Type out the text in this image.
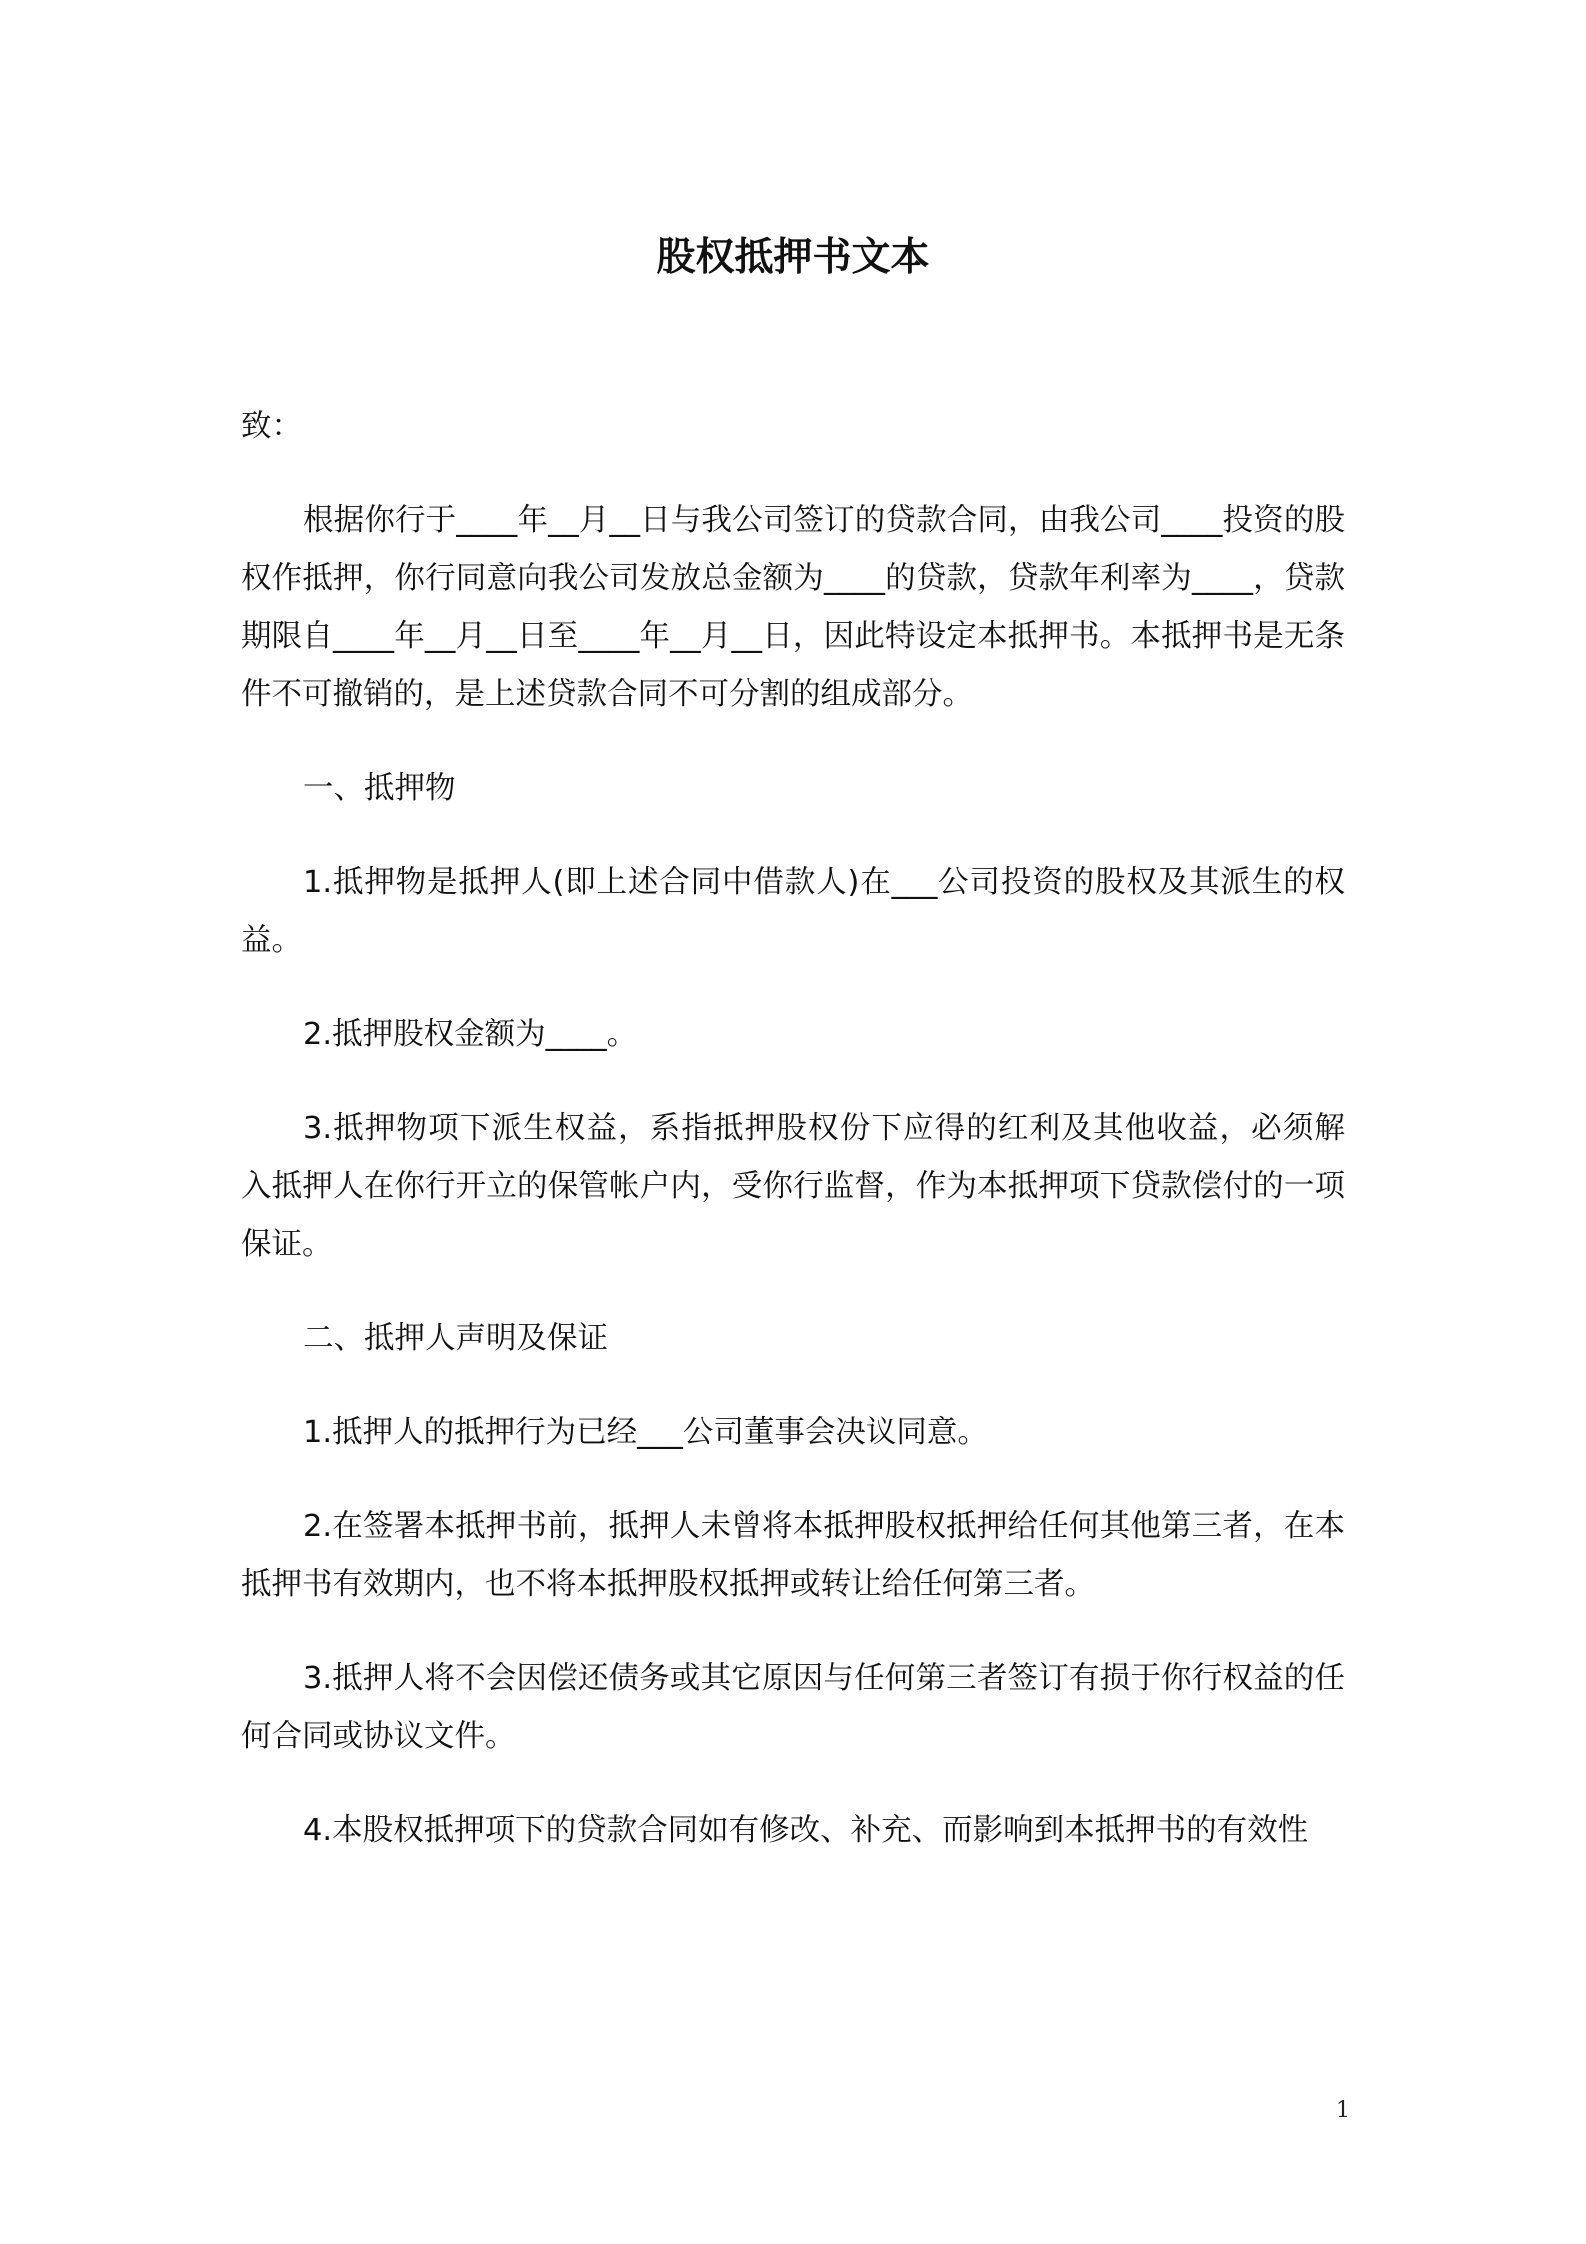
股权抵押书文本

致：

根据你行于____年__月__日与我公司签订的贷款合同，由我公司____投资的股权作抵押，你行同意向我公司发放总金额为____的贷款，贷款年利率为____，贷款期限自____年__月__日至____年__月__日，因此特设定本抵押书。本抵押书是无条件不可撤销的，是上述贷款合同不可分割的组成部分。

一、抵押物

1.抵押物是抵押人(即上述合同中借款人)在___公司投资的股权及其派生的权益。

2.抵押股权金额为____。

3.抵押物项下派生权益，系指抵押股权份下应得的红利及其他收益，必须解 入抵押人在你行开立的保管帐户内，受你行监督，作为本抵押项下贷款偿付的一项保证。

二、抵押人声明及保证

1.抵押人的抵押行为已经___公司董事会决议同意。

2.在签署本抵押书前，抵押人未曾将本抵押股权抵押给任何其他第三者，在本抵押书有效期内，也不将本抵押股权抵押或转让给任何第三者。

3.抵押人将不会因偿还债务或其它原因与任何第三者签订有损于你行权益的任何合同或协议文件。

4.本股权抵押项下的贷款合同如有修改、补充、而影响到本抵押书的有效性

1
